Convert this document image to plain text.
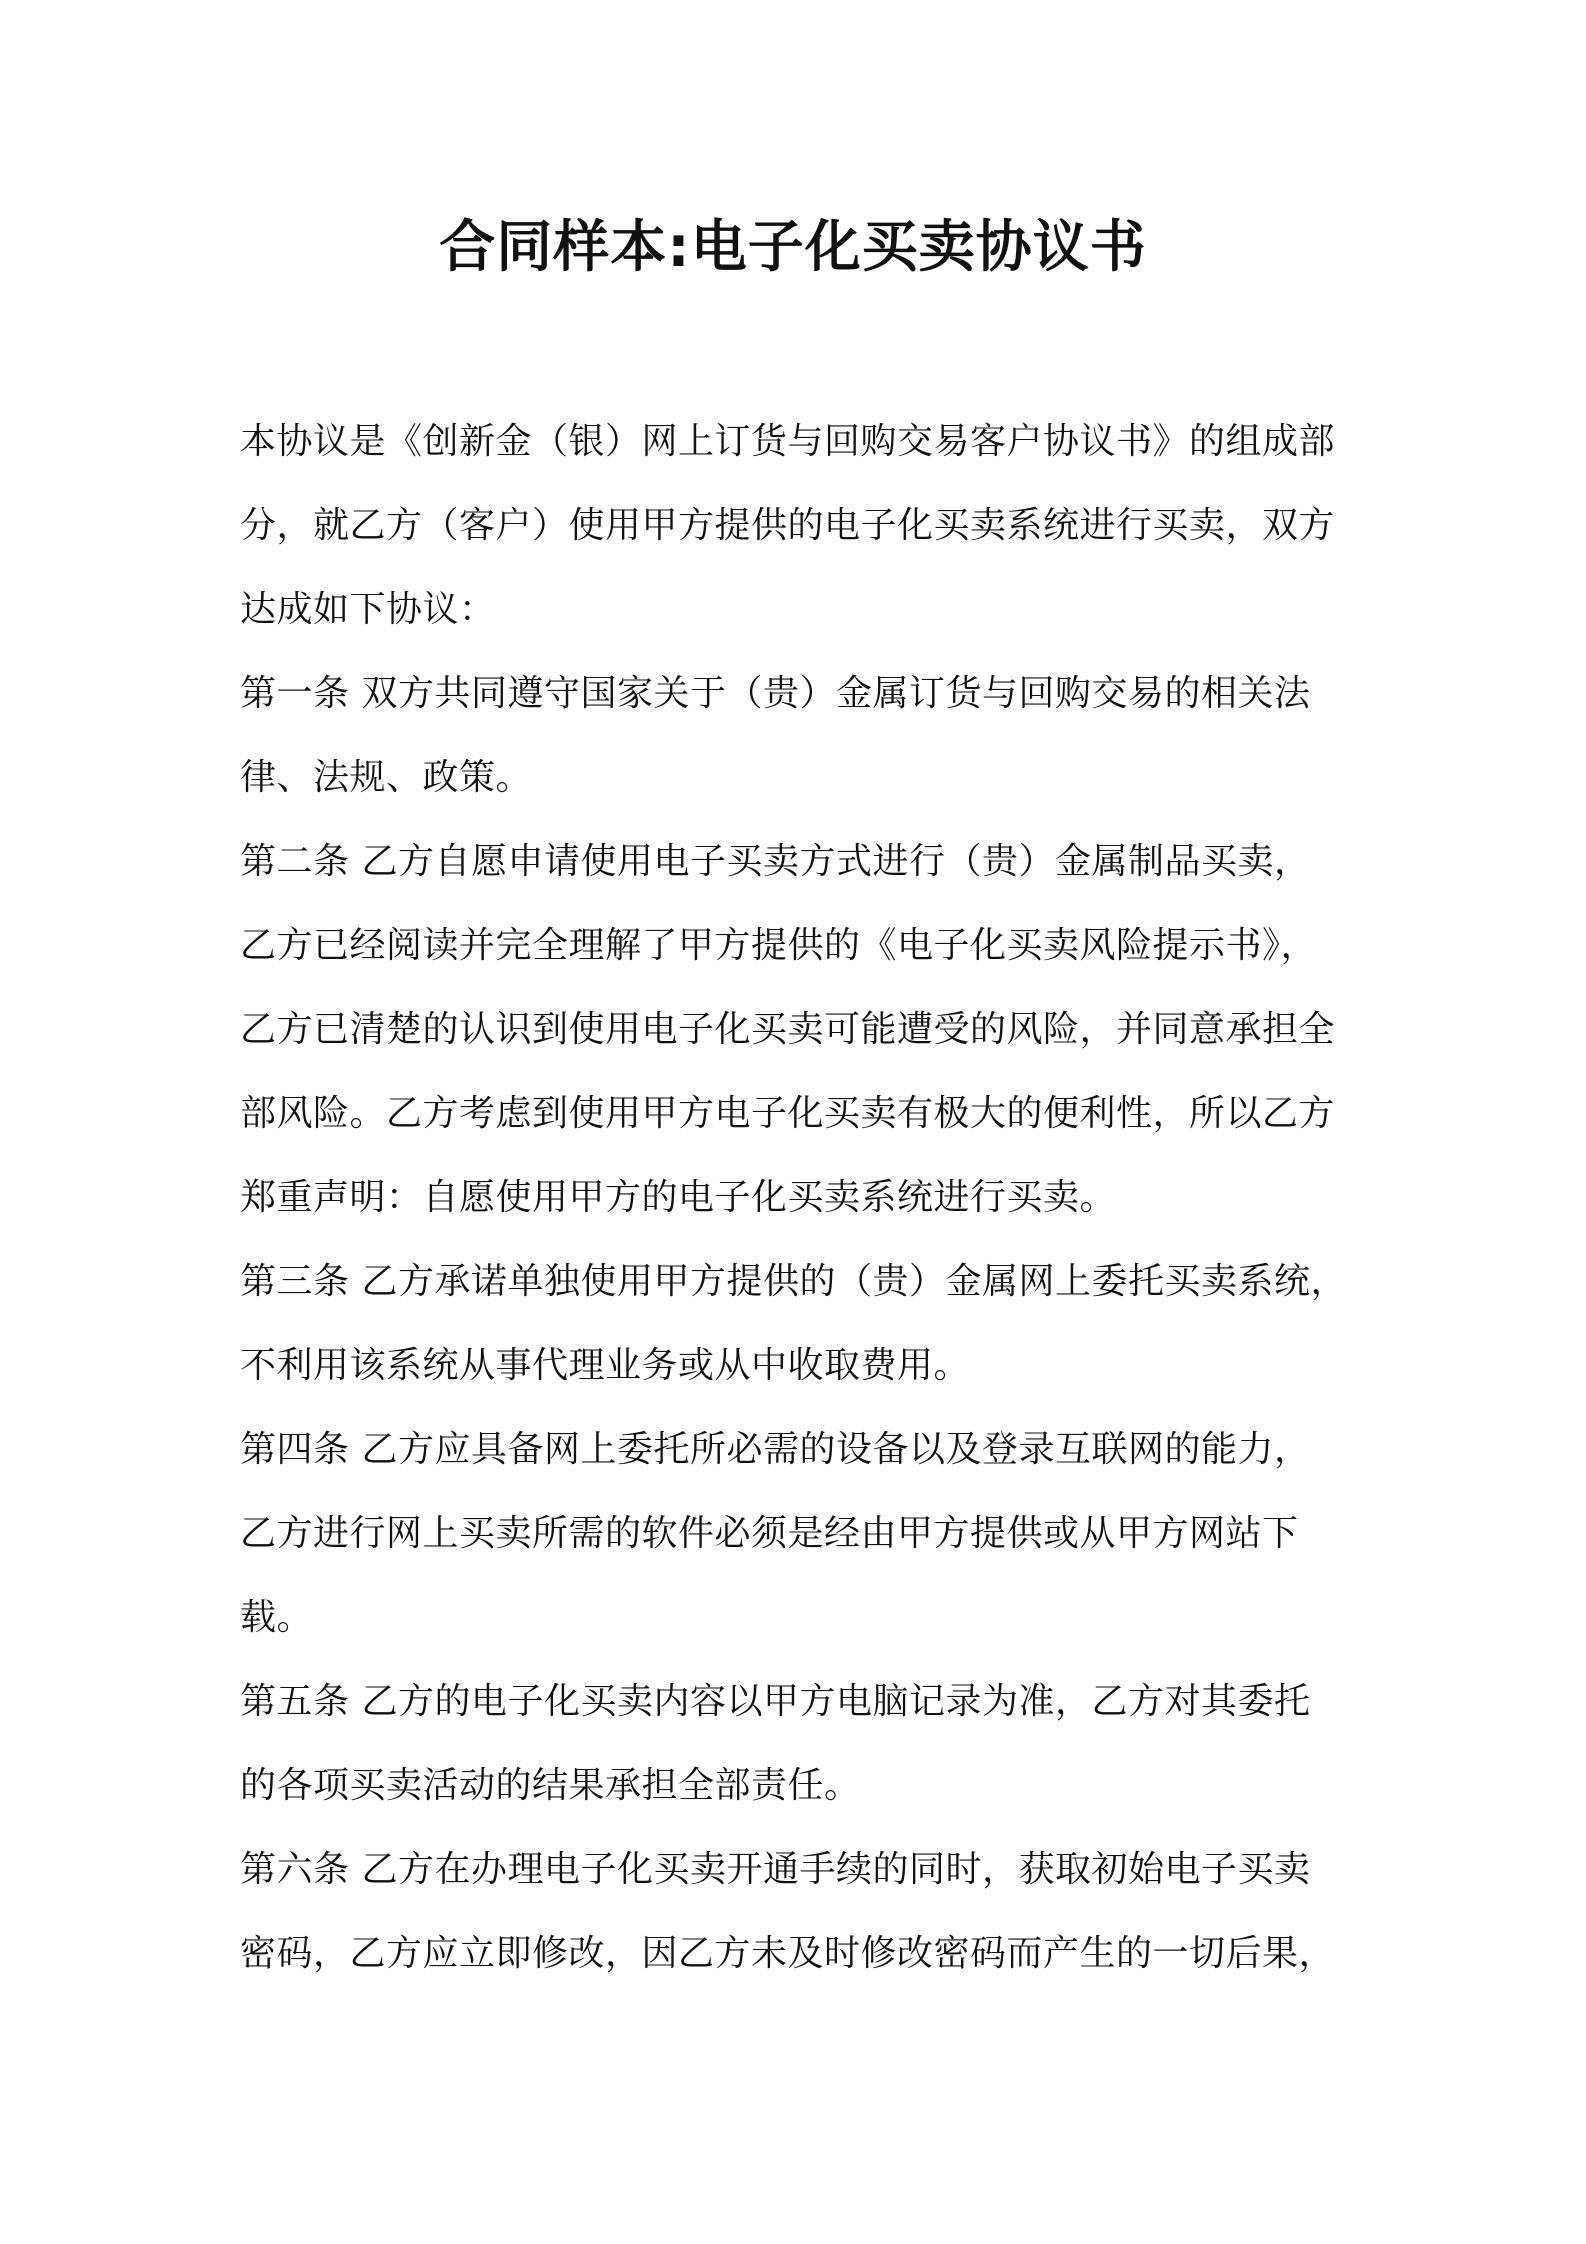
合同样本:电子化买卖协议书
本协议是《创新金（银）网上订货与回购交易客户协议书》的组成部
分，就乙方（客户）使用甲方提供的电子化买卖系统进行买卖，双方
达成如下协议：
第一条 双方共同遵守国家关于（贵）金属订货与回购交易的相关法
律、法规、政策。
第二条 乙方自愿申请使用电子买卖方式进行（贵）金属制品买卖，
乙方已经阅读并完全理解了甲方提供的《电子化买卖风险提示书》，
乙方已清楚的认识到使用电子化买卖可能遭受的风险，并同意承担全
部风险。乙方考虑到使用甲方电子化买卖有极大的便利性，所以乙方
郑重声明：自愿使用甲方的电子化买卖系统进行买卖。
第三条 乙方承诺单独使用甲方提供的（贵）金属网上委托买卖系统，
不利用该系统从事代理业务或从中收取费用。
第四条 乙方应具备网上委托所必需的设备以及登录互联网的能力，
乙方进行网上买卖所需的软件必须是经由甲方提供或从甲方网站下
载。
第五条 乙方的电子化买卖内容以甲方电脑记录为准，乙方对其委托
的各项买卖活动的结果承担全部责任。
第六条 乙方在办理电子化买卖开通手续的同时，获取初始电子买卖
密码，乙方应立即修改，因乙方未及时修改密码而产生的一切后果，
